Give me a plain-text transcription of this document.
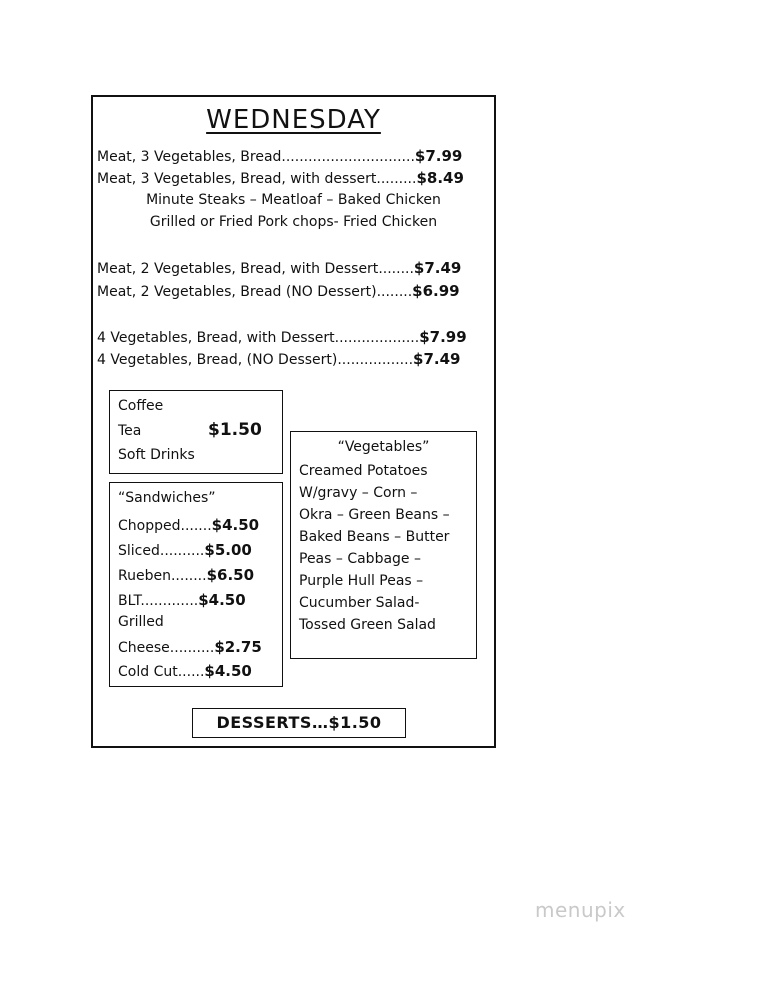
WEDNESDAY
Meat, 3 Vegetables, Bread..............................$7.99
Meat, 3 Vegetables, Bread, with dessert.........$8.49
Minute Steaks – Meatloaf – Baked Chicken
Grilled or Fried Pork chops- Fried Chicken
Meat, 2 Vegetables, Bread, with Dessert........$7.49
Meat, 2 Vegetables, Bread (NO Dessert)........$6.99
4 Vegetables, Bread, with Dessert...................$7.99
4 Vegetables, Bread, (NO Dessert).................$7.49
Coffee
Tea
Soft Drinks
$1.50
“Sandwiches”
Chopped.......$4.50
Sliced..........$5.00
Rueben........$6.50
BLT.............$4.50
Grilled
Cheese..........$2.75
Cold Cut......$4.50
“Vegetables”
Creamed Potatoes
W/gravy – Corn –
Okra – Green Beans –
Baked Beans – Butter
Peas – Cabbage –
Purple Hull Peas –
Cucumber Salad-
Tossed Green Salad
DESSERTS…$1.50
menupix
